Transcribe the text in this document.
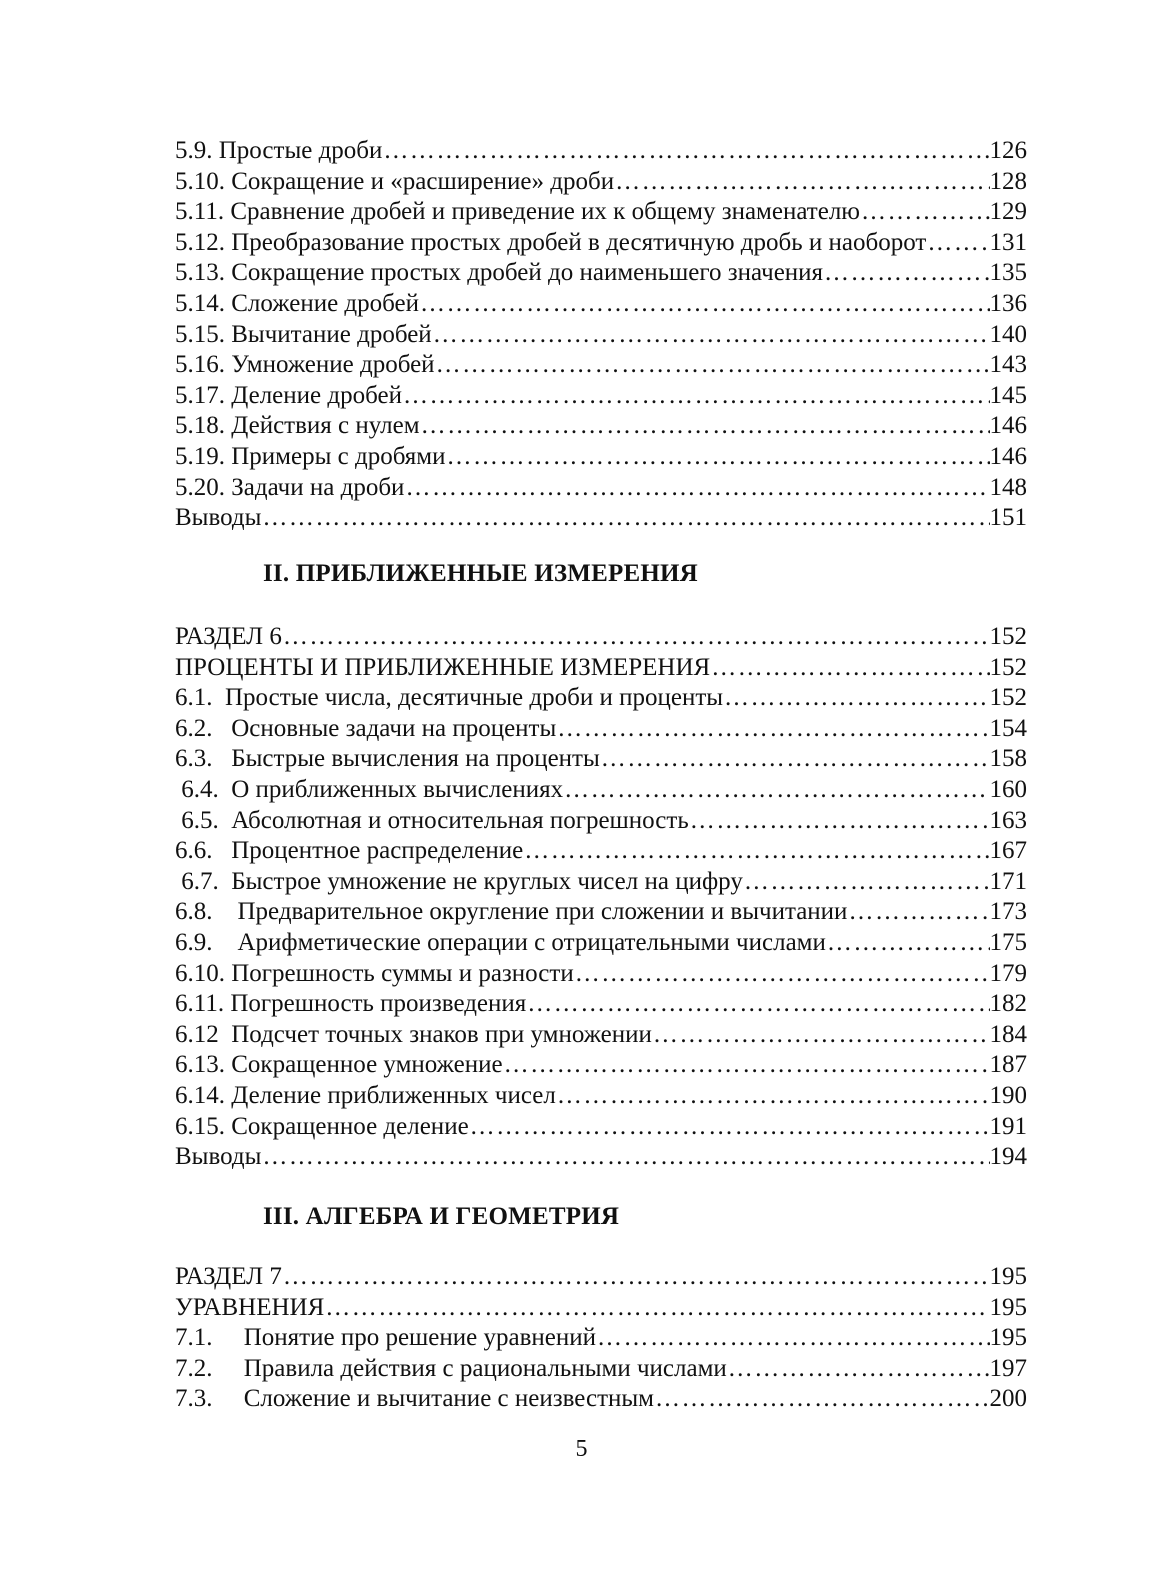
5.9. Простые дроби ……………………………………………………………………………………………………………………………………………………………………	126
5.10. Сокращение и «расширение» дроби ……………………………………………………………………………………………………………………………………………………………………	128
5.11. Сравнение дробей и приведение их к общему знаменателю ……………………………………………………………………………………………………………………………………………………………………	129
5.12. Преобразование простых дробей в десятичную дробь и наоборот ……………………………………………………………………………………………………………………………………………………………………	131
5.13. Сокращение простых дробей до наименьшего значения ……………………………………………………………………………………………………………………………………………………………………	135
5.14. Сложение дробей ……………………………………………………………………………………………………………………………………………………………………	136
5.15. Вычитание дробей ……………………………………………………………………………………………………………………………………………………………………	140
5.16. Умножение дробей ……………………………………………………………………………………………………………………………………………………………………	143
5.17. Деление дробей ……………………………………………………………………………………………………………………………………………………………………	145
5.18. Действия с нулем ……………………………………………………………………………………………………………………………………………………………………	146
5.19. Примеры с дробями ……………………………………………………………………………………………………………………………………………………………………	146
5.20. Задачи на дроби ……………………………………………………………………………………………………………………………………………………………………	148
Выводы ……………………………………………………………………………………………………………………………………………………………………	151
II. ПРИБЛИЖЕННЫЕ ИЗМЕРЕНИЯ
РАЗДЕЛ 6 ……………………………………………………………………………………………………………………………………………………………………	152
ПРОЦЕНТЫ И ПРИБЛИЖЕННЫЕ ИЗМЕРЕНИЯ ……………………………………………………………………………………………………………………………………………………………………	152
6.1.  Простые числа, десятичные дроби и проценты ……………………………………………………………………………………………………………………………………………………………………	152
6.2.   Основные задачи на проценты ……………………………………………………………………………………………………………………………………………………………………	154
6.3.   Быстрые вычисления на проценты ……………………………………………………………………………………………………………………………………………………………………	158
6.4.  О приближенных вычислениях ……………………………………………………………………………………………………………………………………………………………………	160
6.5.  Абсолютная и относительная погрешность ……………………………………………………………………………………………………………………………………………………………………	163
6.6.   Процентное распределение ……………………………………………………………………………………………………………………………………………………………………	167
6.7.  Быстрое умножение не круглых чисел на цифру ……………………………………………………………………………………………………………………………………………………………………	171
6.8.    Предварительное округление при сложении и вычитании ……………………………………………………………………………………………………………………………………………………………………	173
6.9.    Арифметические операции с отрицательными числами ……………………………………………………………………………………………………………………………………………………………………	175
6.10. Погрешность суммы и разности ……………………………………………………………………………………………………………………………………………………………………	179
6.11. Погрешность произведения ……………………………………………………………………………………………………………………………………………………………………	182
6.12  Подсчет точных знаков при умножении ……………………………………………………………………………………………………………………………………………………………………	184
6.13. Сокращенное умножение ……………………………………………………………………………………………………………………………………………………………………	187
6.14. Деление приближенных чисел ……………………………………………………………………………………………………………………………………………………………………	190
6.15. Сокращенное деление ……………………………………………………………………………………………………………………………………………………………………	191
Выводы ……………………………………………………………………………………………………………………………………………………………………	194
III. АЛГЕБРА И ГЕОМЕТРИЯ
РАЗДЕЛ 7 ……………………………………………………………………………………………………………………………………………………………………	195
УРАВНЕНИЯ ……………………………………………………………………………………………………………………………………………………………………	195
7.1.     Понятие про решение уравнений ……………………………………………………………………………………………………………………………………………………………………	195
7.2.     Правила действия с рациональными числами ……………………………………………………………………………………………………………………………………………………………………	197
7.3.     Сложение и вычитание с неизвестным ……………………………………………………………………………………………………………………………………………………………………	200
5
